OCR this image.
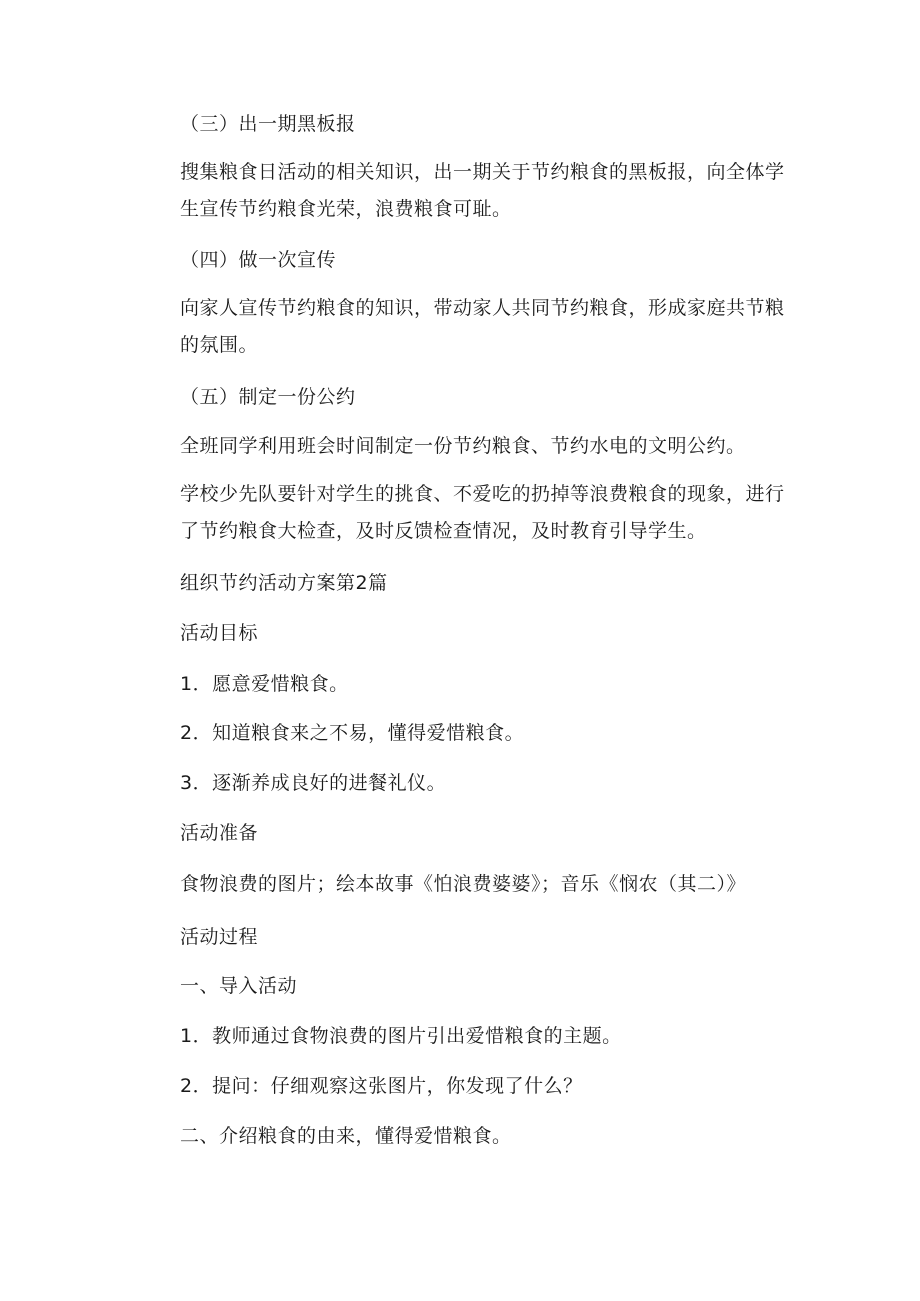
（三）出一期黑板报

搜集粮食日活动的相关知识，出一期关于节约粮食的黑板报，向全体学生宣传节约粮食光荣，浪费粮食可耻。

（四）做一次宣传

向家人宣传节约粮食的知识，带动家人共同节约粮食，形成家庭共节粮的氛围。

（五）制定一份公约

全班同学利用班会时间制定一份节约粮食、节约水电的文明公约。

学校少先队要针对学生的挑食、不爱吃的扔掉等浪费粮食的现象，进行了节约粮食大检查，及时反馈检查情况，及时教育引导学生。

组织节约活动方案第2篇

活动目标

1．愿意爱惜粮食。

2．知道粮食来之不易，懂得爱惜粮食。

3．逐渐养成良好的进餐礼仪。

活动准备

食物浪费的图片；绘本故事《怕浪费婆婆》；音乐《悯农（其二）》

活动过程

一、导入活动

1．教师通过食物浪费的图片引出爱惜粮食的主题。

2．提问：仔细观察这张图片，你发现了什么？

二、介绍粮食的由来，懂得爱惜粮食。
